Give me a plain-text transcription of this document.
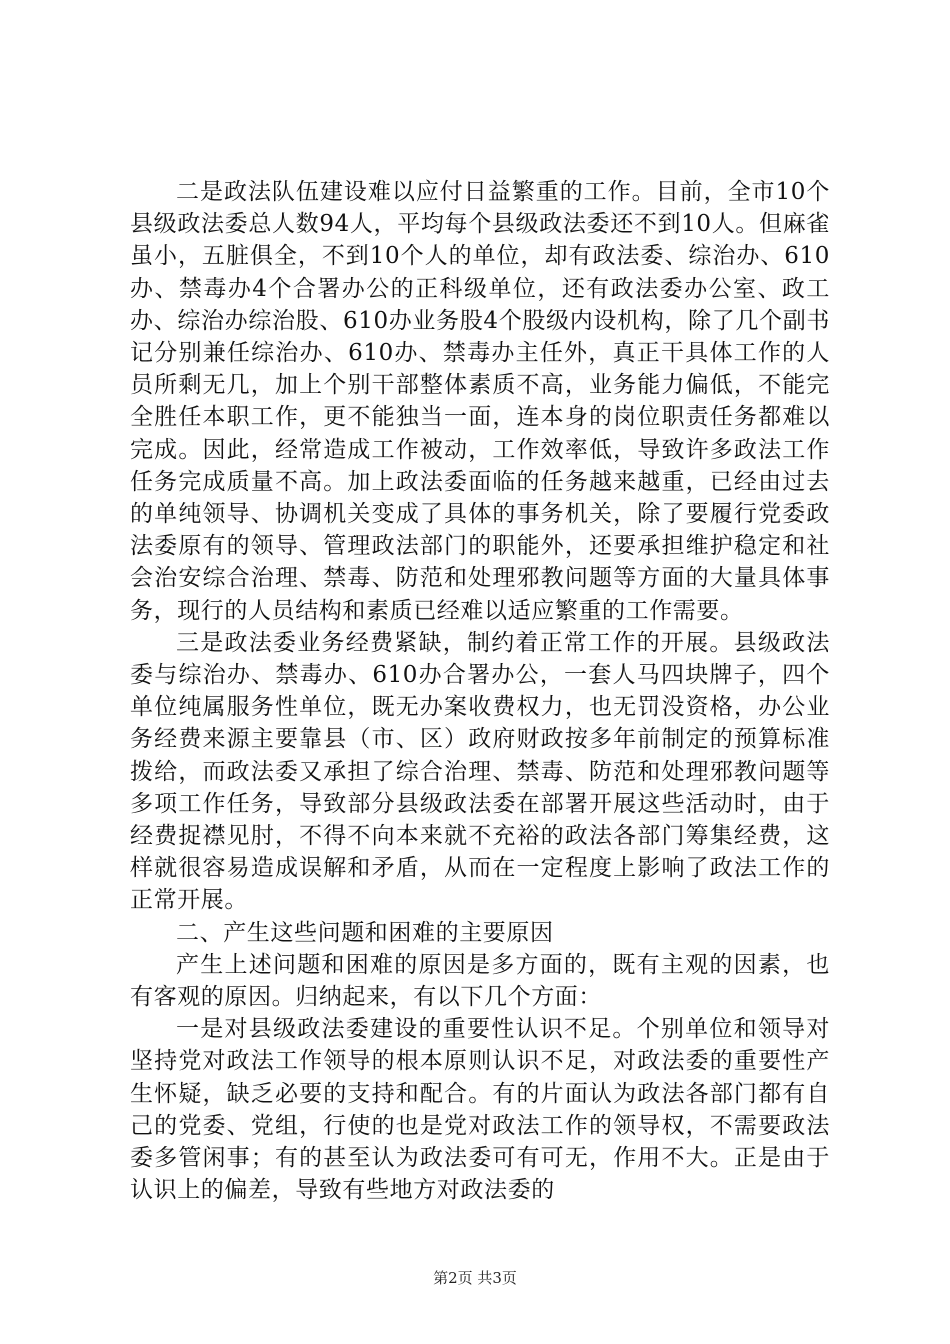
二是政法队伍建设难以应付日益繁重的工作。目前，全市10个县级政法委总人数94人，平均每个县级政法委还不到10人。但麻雀虽小，五脏俱全，不到10个人的单位，却有政法委、综治办、610办、禁毒办4个合署办公的正科级单位，还有政法委办公室、政工办、综治办综治股、610办业务股4个股级内设机构，除了几个副书记分别兼任综治办、610办、禁毒办主任外，真正干具体工作的人员所剩无几，加上个别干部整体素质不高，业务能力偏低，不能完全胜任本职工作，更不能独当一面，连本身的岗位职责任务都难以完成。因此，经常造成工作被动，工作效率低，导致许多政法工作任务完成质量不高。加上政法委面临的任务越来越重，已经由过去的单纯领导、协调机关变成了具体的事务机关，除了要履行党委政法委原有的领导、管理政法部门的职能外，还要承担维护稳定和社会治安综合治理、禁毒、防范和处理邪教问题等方面的大量具体事务，现行的人员结构和素质已经难以适应繁重的工作需要。

三是政法委业务经费紧缺，制约着正常工作的开展。县级政法委与综治办、禁毒办、610办合署办公，一套人马四块牌子，四个单位纯属服务性单位，既无办案收费权力，也无罚没资格，办公业务经费来源主要靠县（市、区）政府财政按多年前制定的预算标准拨给，而政法委又承担了综合治理、禁毒、防范和处理邪教问题等多项工作任务，导致部分县级政法委在部署开展这些活动时，由于经费捉襟见肘，不得不向本来就不充裕的政法各部门筹集经费，这样就很容易造成误解和矛盾，从而在一定程度上影响了政法工作的正常开展。

二、产生这些问题和困难的主要原因

产生上述问题和困难的原因是多方面的，既有主观的因素，也有客观的原因。归纳起来，有以下几个方面：

一是对县级政法委建设的重要性认识不足。个别单位和领导对坚持党对政法工作领导的根本原则认识不足，对政法委的重要性产生怀疑，缺乏必要的支持和配合。有的片面认为政法各部门都有自己的党委、党组，行使的也是党对政法工作的领导权，不需要政法委多管闲事；有的甚至认为政法委可有可无，作用不大。正是由于认识上的偏差，导致有些地方对政法委的

第2页 共3页
